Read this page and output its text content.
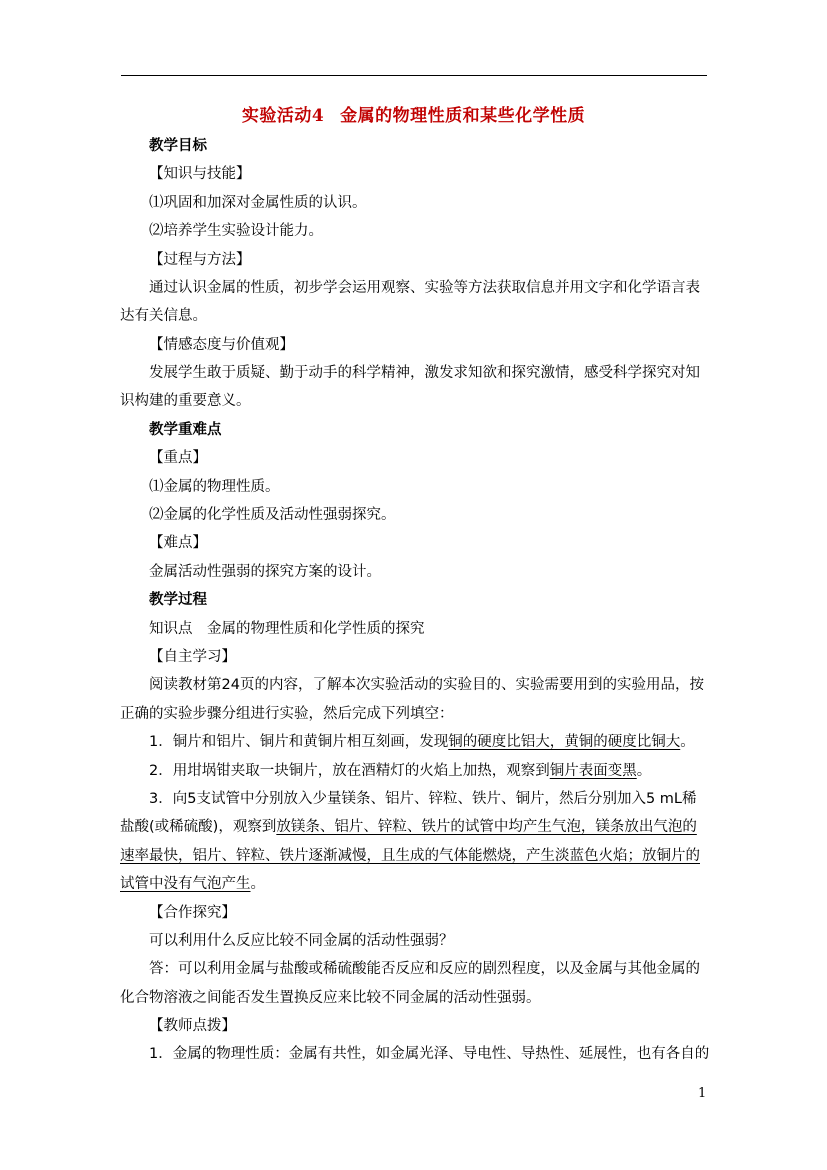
实验活动4 金属的物理性质和某些化学性质
教学目标
【知识与技能】
⑴巩固和加深对金属性质的认识。
⑵培养学生实验设计能力。
【过程与方法】
通过认识金属的性质，初步学会运用观察、实验等方法获取信息并用文字和化学语言表
达有关信息。
【情感态度与价值观】
发展学生敢于质疑、勤于动手的科学精神，激发求知欲和探究激情，感受科学探究对知
识构建的重要意义。
教学重难点
【重点】
⑴金属的物理性质。
⑵金属的化学性质及活动性强弱探究。
【难点】
金属活动性强弱的探究方案的设计。
教学过程
知识点　金属的物理性质和化学性质的探究
【自主学习】
阅读教材第24页的内容，了解本次实验活动的实验目的、实验需要用到的实验用品，按
正确的实验步骤分组进行实验，然后完成下列填空：
1．铜片和铝片、铜片和黄铜片相互刻画，发现铜的硬度比铝大，黄铜的硬度比铜大。
2．用坩埚钳夹取一块铜片，放在酒精灯的火焰上加热，观察到铜片表面变黑。
3．向5支试管中分别放入少量镁条、铝片、锌粒、铁片、铜片，然后分别加入5 mL稀
盐酸(或稀硫酸)，观察到放镁条、铝片、锌粒、铁片的试管中均产生气泡，镁条放出气泡的
速率最快，铝片、锌粒、铁片逐渐减慢，且生成的气体能燃烧，产生淡蓝色火焰；放铜片的
试管中没有气泡产生。
【合作探究】
可以利用什么反应比较不同金属的活动性强弱？
答：可以利用金属与盐酸或稀硫酸能否反应和反应的剧烈程度，以及金属与其他金属的
化合物溶液之间能否发生置换反应来比较不同金属的活动性强弱。
【教师点拨】
1．金属的物理性质：金属有共性，如金属光泽、导电性、导热性、延展性，也有各自的
1
